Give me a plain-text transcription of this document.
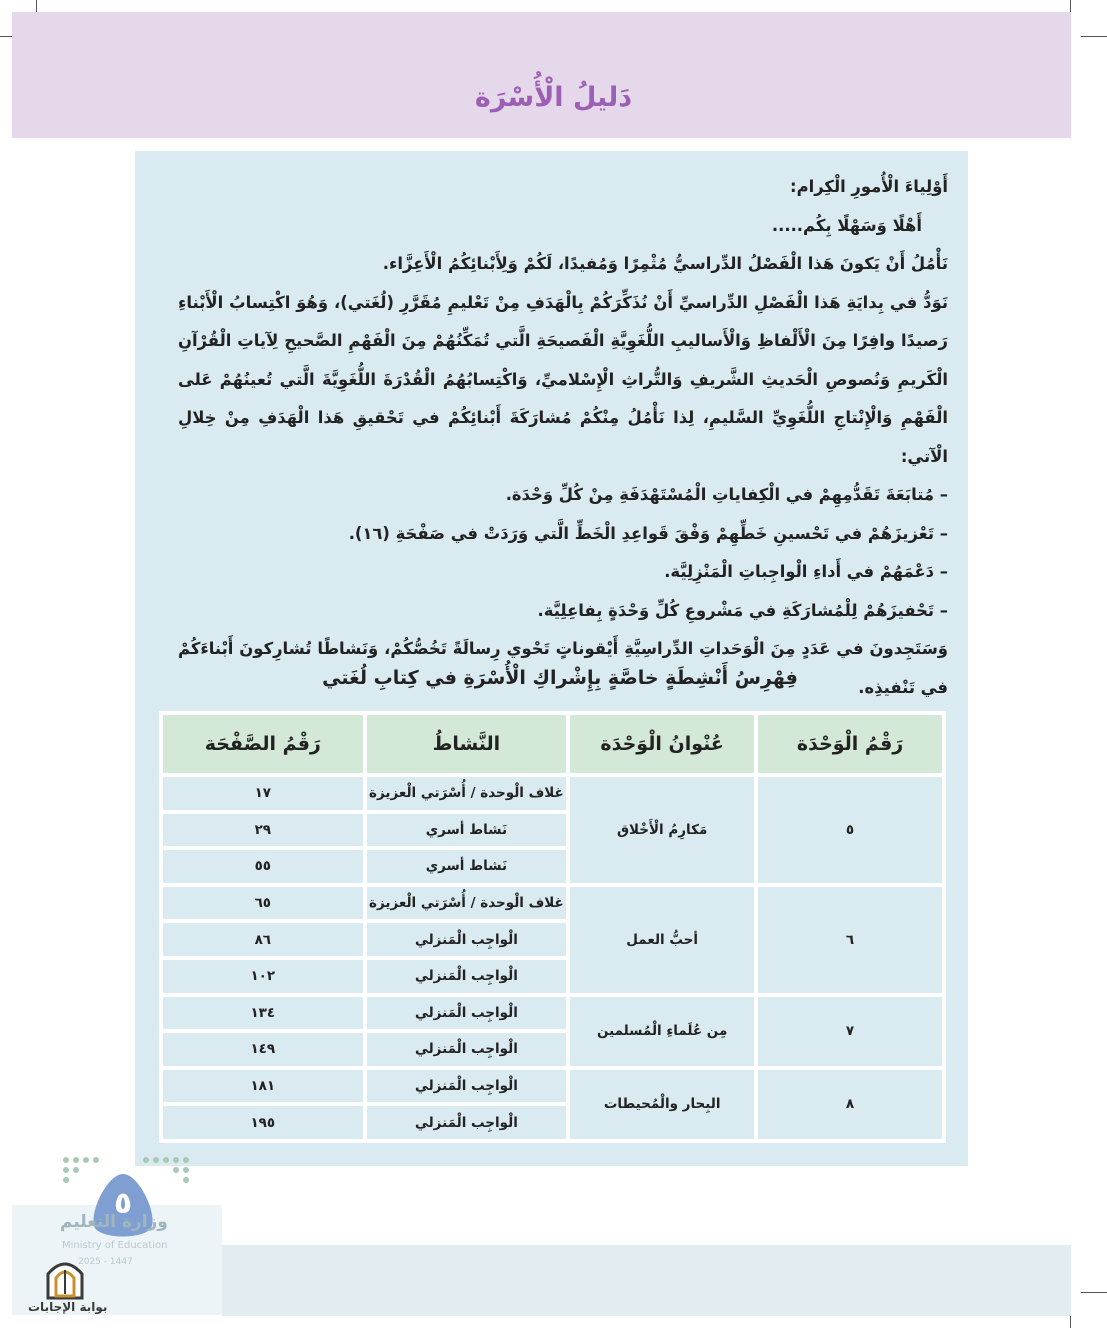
دَليلُ الْأُسْرَة

أَوْلِياءَ الْأُمورِ الْكِرام:

أَهْلًا وَسَهْلًا بِكُم.....

نَأْمُلُ أَنْ يَكونَ هَذا الْفَصْلُ الدِّراسيُّ مُثْمِرًا وَمُفيدًا، لَكُمْ وَلِأَبْنائِكُمُ الْأَعِزَّاء.

نَوَدُّ في بِدايَةِ هَذا الْفَصْلِ الدِّراسيِّ أَنْ نُذَكِّرَكُمْ بِالْهَدَفِ مِنْ تَعْليمِ مُقَرَّرِ (لُغَتي)، وَهُوَ اكْتِسابُ الْأَبْناءِ رَصيدًا وافِرًا مِنَ الْأَلْفاظِ وَالْأَساليبِ اللُّغَوِيَّةِ الْفَصيحَةِ الَّتي تُمَكِّنُهُمْ مِنَ الْفَهْمِ الصَّحيحِ لِآياتِ الْقُرْآنِ الْكَريمِ وَنُصوصِ الْحَديثِ الشَّريفِ وَالتُّراثِ الْإِسْلاميِّ، وَاكْتِسابُهُمُ الْقُدْرَةَ اللُّغَوِيَّةَ الَّتي تُعينُهُمْ عَلى الْفَهْمِ وَالْإِنْتاجِ اللُّغَوِيِّ السَّليمِ، لِذا نَأْمُلُ مِنْكُمْ مُشارَكَةَ أَبْنائِكُمْ في تَحْقيقِ هَذا الْهَدَفِ مِنْ خِلالِ الْآتي:

– مُتابَعَةَ تَقَدُّمِهِمْ في الْكِفاياتِ الْمُسْتَهْدَفَةِ مِنْ كُلِّ وَحْدَة.

– تَعْزيزَهُمْ في تَحْسينِ خَطِّهِمْ وَفْقَ قَواعِدِ الْخَطِّ الَّتي وَرَدَتْ في صَفْحَةِ (١٦).

– دَعْمَهُمْ في أَداءِ الْواجِباتِ الْمَنْزِلِيَّة.

– تَحْفيزَهُمْ لِلْمُشارَكَةِ في مَشْروعِ كُلِّ وَحْدَةٍ بِفاعِلِيَّة.

وَسَتَجِدونَ في عَدَدٍ مِنَ الْوَحَداتِ الدِّراسِيَّةِ أَيْقوناتٍ تَحْوي رِسالَةً تَخُصُّكُمْ، وَنَشاطًا تُشارِكونَ أَبْناءَكُمْ في تَنْفيذِه.

فِهْرِسُ أَنْشِطَةٍ خاصَّةٍ بِإِشْراكِ الْأُسْرَةِ في كِتابِ لُغَتي
رَقْمُ الْوَحْدَة	عُنْوانُ الْوَحْدَة	النَّشاطُ	رَقْمُ الصَّفْحَة
٥	مَكارِمُ الْأَخْلاق	غلاف الْوحدة / أُسْرَتي الْعزيزة	١٧
		نَشاط أسري	٢٩
		نَشاط أسري	٥٥
٦	أحبُّ العمل	غلاف الْوحدة / أُسْرَتي الْعزيزة	٦٥
		الْواجِب الْمَنزلي	٨٦
		الْواجِب الْمَنزلي	١٠٢
٧	مِن عُلَماءِ الْمُسلمين	الْواجِب الْمَنزلي	١٣٤
		الْواجِب الْمَنزلي	١٤٩
٨	البِحار والْمُحيطات	الْواجِب الْمَنزلي	١٨١
		الْواجِب الْمَنزلي	١٩٥
٥
وزارة التعليم
Ministry of Education
2025 - 1447
بوابة الإجابات
